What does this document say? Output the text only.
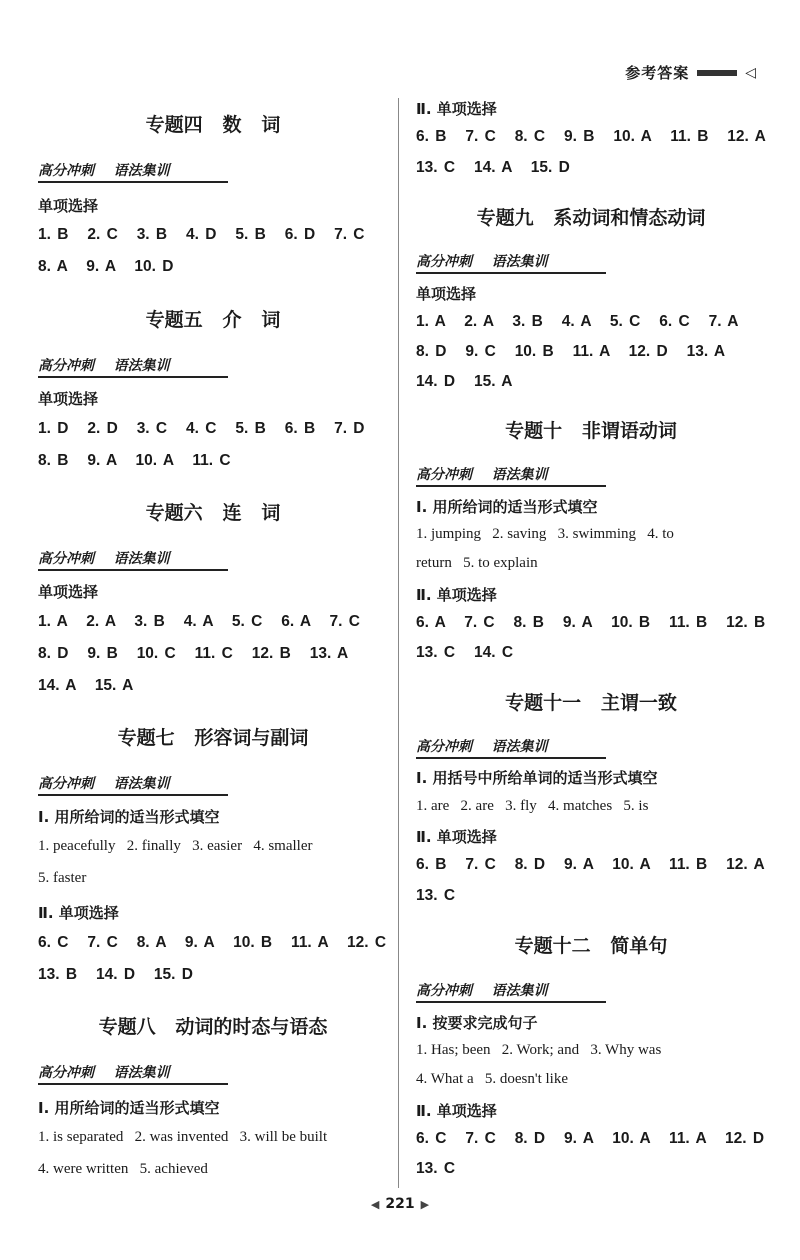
参考答案	◁
专题四   数   词
高分冲刺    语法集训
单项选择
1. B   2. C   3. B   4. D   5. B   6. D   7. C
8. A   9. A   10. D
专题五   介   词
高分冲刺    语法集训
单项选择
1. D   2. D   3. C   4. C   5. B   6. B   7. D
8. B   9. A   10. A   11. C
专题六   连   词
高分冲刺    语法集训
单项选择
1. A   2. A   3. B   4. A   5. C   6. A   7. C
8. D   9. B   10. C   11. C   12. B   13. A
14. A   15. A
专题七   形容词与副词
高分冲刺    语法集训
Ⅰ. 用所给词的适当形式填空
1. peacefully   2. finally   3. easier   4. smaller
5. faster
Ⅱ. 单项选择
6. C   7. C   8. A   9. A   10. B   11. A   12. C
13. B   14. D   15. D
专题八   动词的时态与语态
高分冲刺    语法集训
Ⅰ. 用所给词的适当形式填空
1. is separated   2. was invented   3. will be built
4. were written   5. achieved
Ⅱ. 单项选择
6. B   7. C   8. C   9. B   10. A   11. B   12. A
13. C   14. A   15. D
专题九   系动词和情态动词
高分冲刺    语法集训
单项选择
1. A   2. A   3. B   4. A   5. C   6. C   7. A
8. D   9. C   10. B   11. A   12. D   13. A
14. D   15. A
专题十   非谓语动词
高分冲刺    语法集训
Ⅰ. 用所给词的适当形式填空
1. jumping   2. saving   3. swimming   4. to
return   5. to explain
Ⅱ. 单项选择
6. A   7. C   8. B   9. A   10. B   11. B   12. B
13. C   14. C
专题十一   主谓一致
高分冲刺    语法集训
Ⅰ. 用括号中所给单词的适当形式填空
1. are   2. are   3. fly   4. matches   5. is
Ⅱ. 单项选择
6. B   7. C   8. D   9. A   10. A   11. B   12. A
13. C
专题十二   简单句
高分冲刺    语法集训
Ⅰ. 按要求完成句子
1. Has; been   2. Work; and   3. Why was
4. What a   5. doesn't like
Ⅱ. 单项选择
6. C   7. C   8. D   9. A   10. A   11. A   12. D
13. C
◀ 221 ▶
